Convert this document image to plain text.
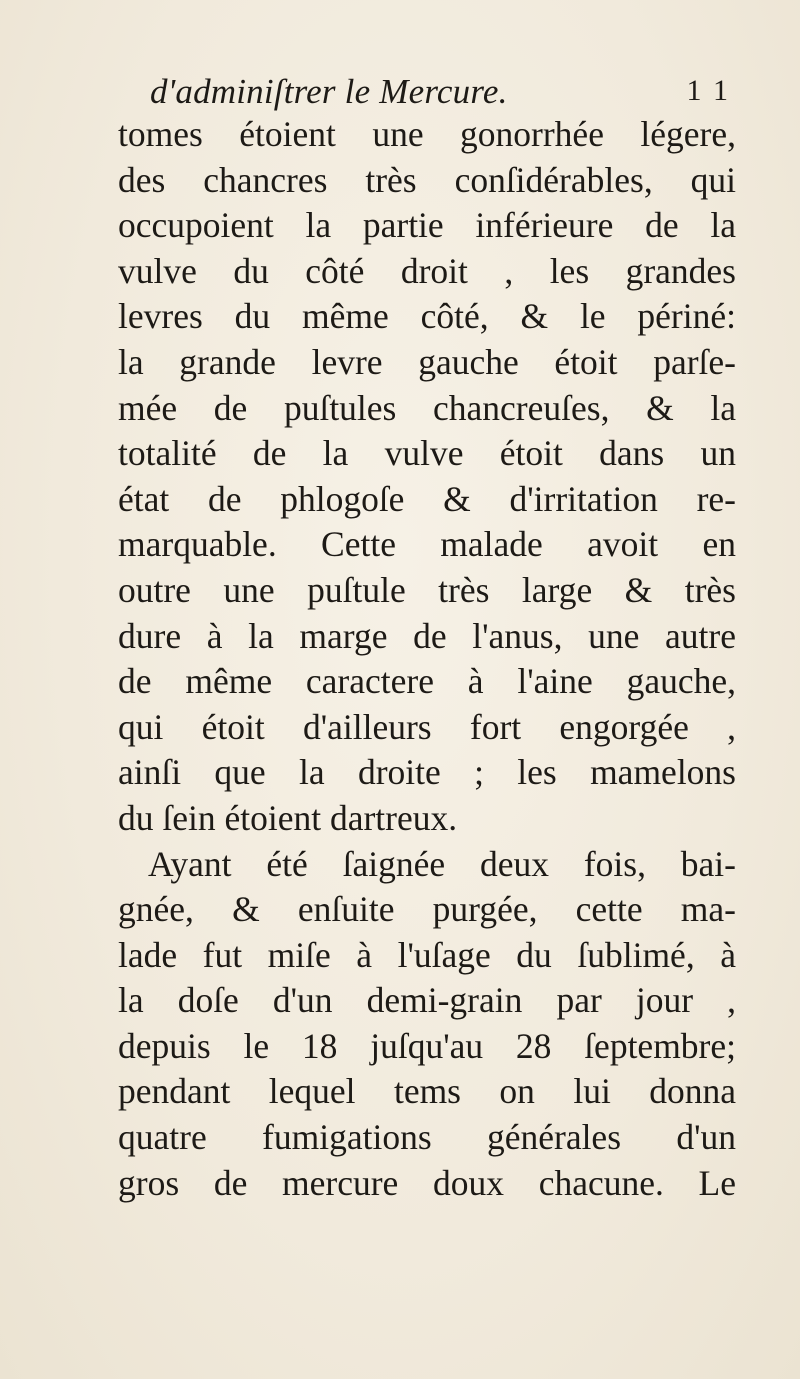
d'adminiſtrer le Mercure.	1 1
tomes étoient une gonorrhée légere,
des chancres très conſidérables, qui
occupoient la partie inférieure de la
vulve du côté droit , les grandes
levres du même côté, & le périné:
la grande levre gauche étoit parſe-
mée de puſtules chancreuſes, & la
totalité de la vulve étoit dans un
état de phlogoſe & d'irritation re-
marquable. Cette malade avoit en
outre une puſtule très large & très
dure à la marge de l'anus, une autre
de même caractere à l'aine gauche,
qui étoit d'ailleurs fort engorgée ,
ainſi que la droite ; les mamelons
du ſein étoient dartreux.
Ayant été ſaignée deux fois, bai-
gnée, & enſuite purgée, cette ma-
lade fut miſe à l'uſage du ſublimé, à
la doſe d'un demi-grain par jour ,
depuis le 18 juſqu'au 28 ſeptembre;
pendant lequel tems on lui donna
quatre fumigations générales d'un
gros de mercure doux chacune. Le
